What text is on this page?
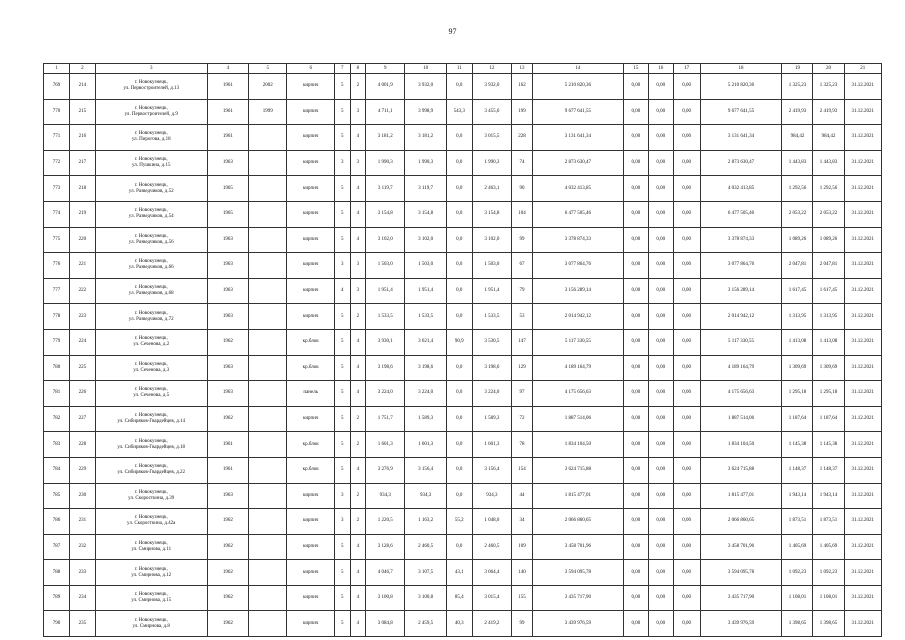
97
1	2	3	4	5	6	7	8	9	10	11	12	13	14	15	16	17	18	19	20	21
769	214	г. Новокузнецк,
ул. Первостроителей, д.13	1961	2002	кирпич	5	2	4 001,9	3 932,0	0,0	3 932,0	162	5 210 820,36	0,00	0,00	0,00	5 210 820,36	1 325,23	1 325,23	31.12.2021
770	215	г. Новокузнецк,
ул. Первостроителей, д.9	1961	1999	кирпич	5	3	4 711,1	3 998,9	543,3	3 455,6	199	9 677 641,55	0,00	0,00	0,00	9 677 641,55	2 419,93	2 419,93	31.12.2021
771	216	г. Новокузнецк,
ул. Пирогова, д.18	1961		кирпич	5	4	3 181,2	3 181,2	0,0	3 015,5	228	3 131 641,34	0,00	0,00	0,00	3 131 641,34	984,42	984,42	31.12.2021
772	217	г. Новокузнецк,
ул. Пушкина, д.15	1963		кирпич	3	3	1 990,3	1 990,3	0,0	1 990,3	74	2 873 630,47	0,00	0,00	0,00	2 873 630,47	1 443,83	1 443,83	31.12.2021
773	218	г. Новокузнецк,
ул. Разведчиков, д.52	1965		кирпич	5	4	3 119,7	3 119,7	0,0	2 463,1	90	4 032 413,85	0,00	0,00	0,00	4 032 413,85	1 292,56	1 292,56	31.12.2021
774	219	г. Новокузнецк,
ул. Разведчиков, д.54	1965		кирпич	5	4	3 154,8	3 154,8	0,0	3 154,8	104	6 477 505,46	0,00	0,00	0,00	6 477 505,46	2 053,22	2 053,22	31.12.2021
775	220	г. Новокузнецк,
ул. Разведчиков, д.56	1963		кирпич	5	4	3 102,0	3 102,0	0,0	3 102,0	99	3 378 874,33	0,00	0,00	0,00	3 378 874,33	1 089,26	1 089,26	31.12.2021
776	221	г. Новокузнецк,
ул. Разведчиков, д.66	1963		кирпич	3	3	1 503,0	1 503,0	0,0	1 503,0	67	3 077 864,76	0,00	0,00	0,00	3 077 864,76	2 047,81	2 047,81	31.12.2021
777	222	г. Новокузнецк,
ул. Разведчиков, д.68	1963		кирпич	4	3	1 951,4	1 951,4	0,0	1 951,4	79	3 156 289,14	0,00	0,00	0,00	3 156 289,14	1 617,45	1 617,45	31.12.2021
778	223	г. Новокузнецк,
ул. Разведчиков, д.72	1963		кирпич	5	2	1 533,5	1 533,5	0,0	1 533,5	53	2 014 942,12	0,00	0,00	0,00	2 014 942,12	1 313,95	1 313,95	31.12.2021
779	224	г. Новокузнецк,
ул. Сеченова, д.2	1962		кр.блок	5	4	3 930,1	3 621,4	90,9	3 530,5	147	5 117 330,55	0,00	0,00	0,00	5 117 330,55	1 413,08	1 413,08	31.12.2021
780	225	г. Новокузнецк,
ул. Сеченова, д.3	1963		кр.блок	5	4	3 198,6	3 198,6	0,0	3 198,6	129	4 189 164,79	0,00	0,00	0,00	4 189 164,79	1 309,69	1 309,69	31.12.2021
781	226	г. Новокузнецк,
ул. Сеченова, д.5	1963		панель	5	4	3 224,0	3 224,0	0,0	3 224,0	97	4 175 656,63	0,00	0,00	0,00	4 175 656,63	1 295,18	1 295,18	31.12.2021
782	227	г. Новокузнецк,
ул. Сибиряков-Гвардейцев, д.14	1962		кирпич	5	2	1 751,7	1 589,3	0,0	1 589,3	72	1 887 514,06	0,00	0,00	0,00	1 887 514,06	1 187,64	1 187,64	31.12.2021
783	228	г. Новокузнецк,
ул. Сибиряков-Гвардейцев, д.18	1961		кр.блок	5	2	1 601,3	1 601,3	0,0	1 601,3	78	1 834 104,50	0,00	0,00	0,00	1 834 104,50	1 145,38	1 145,38	31.12.2021
784	229	г. Новокузнецк,
ул. Сибиряков-Гвардейцев, д.22	1961		кр.блок	5	4	3 276,9	3 156,4	0,0	3 156,4	154	3 624 715,88	0,00	0,00	0,00	3 624 715,88	1 148,37	1 148,37	31.12.2021
785	230	г. Новокузнецк,
ул. Скоросткина, д.39	1963		кирпич	3	2	934,3	934,3	0,0	934,3	44	1 815 477,01	0,00	0,00	0,00	1 815 477,01	1 943,14	1 943,14	31.12.2021
786	231	г. Новокузнецк,
ул. Скоросткина, д.42а	1962		кирпич	3	2	1 220,5	1 163,2	55,2	1 048,0	34	2 066 860,65	0,00	0,00	0,00	2 066 860,65	1 873,51	1 873,51	31.12.2021
787	232	г. Новокузнецк,
ул. Смирнова, д.11	1962		кирпич	5	4	3 128,6	2 460,5	0,0	2 460,5	109	3 458 701,96	0,00	0,00	0,00	3 458 701,96	1 405,69	1 405,69	31.12.2021
788	233	г. Новокузнецк,
ул. Смирнова, д.12	1962		кирпич	5	4	4 046,7	3 107,5	43,1	3 064,4	140	3 594 095,78	0,00	0,00	0,00	3 594 095,78	1 092,23	1 092,23	31.12.2021
789	234	г. Новокузнецк,
ул. Смирнова, д.15	1962		кирпич	5	4	3 100,8	3 100,8	85,4	3 015,4	155	3 435 717,90	0,00	0,00	0,00	3 435 717,90	1 108,01	1 108,01	31.12.2021
790	235	г. Новокузнецк,
ул. Смирнова, д.8	1962		кирпич	5	4	3 084,8	2 459,5	40,3	2 419,2	99	3 439 976,59	0,00	0,00	0,00	3 439 976,59	1 398,65	1 398,65	31.12.2021
